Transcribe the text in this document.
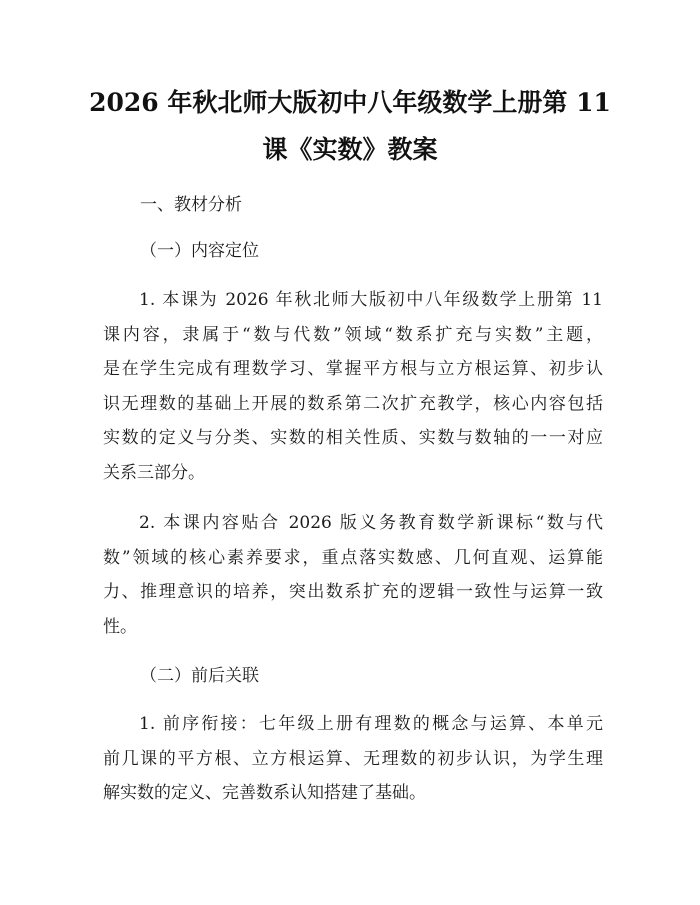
2026 年秋北师大版初中八年级数学上册第 11
课《实数》教案

一、教材分析

（一）内容定位

1. 本课为 2026 年秋北师大版初中八年级数学上册第 11
课内容，隶属于“数与代数”领域“数系扩充与实数”主题，
是在学生完成有理数学习、掌握平方根与立方根运算、初步认
识无理数的基础上开展的数系第二次扩充教学，核心内容包括
实数的定义与分类、实数的相关性质、实数与数轴的一一对应
关系三部分。
2. 本课内容贴合 2026 版义务教育数学新课标“数与代
数”领域的核心素养要求，重点落实数感、几何直观、运算能
力、推理意识的培养，突出数系扩充的逻辑一致性与运算一致
性。

（二）前后关联

1. 前序衔接：七年级上册有理数的概念与运算、本单元
前几课的平方根、立方根运算、无理数的初步认识，为学生理
解实数的定义、完善数系认知搭建了基础。
